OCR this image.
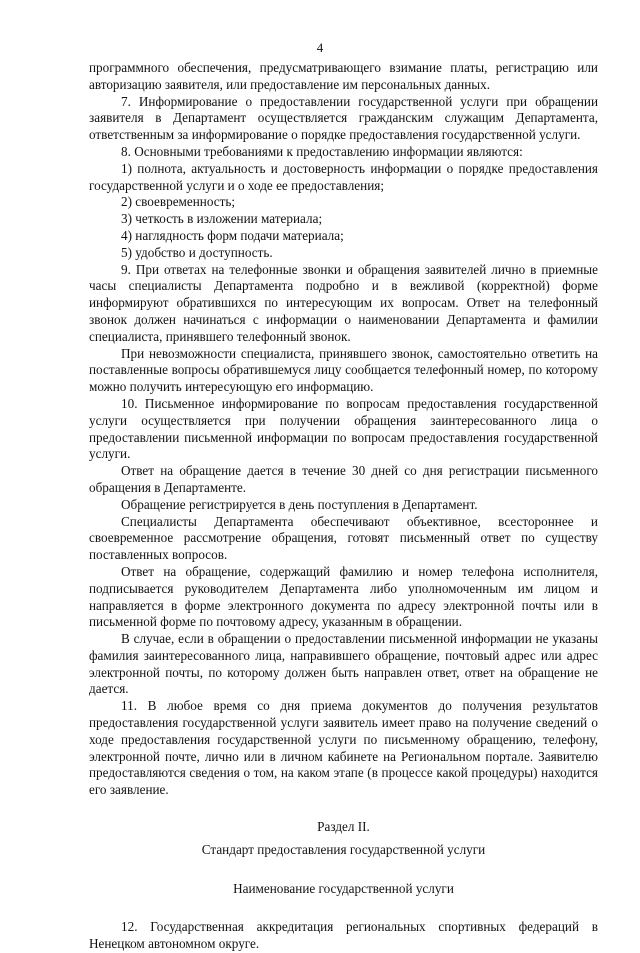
4

программного обеспечения, предусматривающего взимание платы, регистрацию или авторизацию заявителя, или предоставление им персональных данных.

7. Информирование о предоставлении государственной услуги при обращении заявителя в Департамент осуществляется гражданским служащим Департамента, ответственным за информирование о порядке предоставления государственной услуги.

8. Основными требованиями к предоставлению информации являются:

1) полнота, актуальность и достоверность информации о порядке предоставления государственной услуги и о ходе ее предоставления;

2) своевременность;

3) четкость в изложении материала;

4) наглядность форм подачи материала;

5) удобство и доступность.

9. При ответах на телефонные звонки и обращения заявителей лично в приемные часы специалисты Департамента подробно и в вежливой (корректной) форме информируют обратившихся по интересующим их вопросам. Ответ на телефонный звонок должен начинаться с информации о наименовании Департамента и фамилии специалиста, принявшего телефонный звонок.

При невозможности специалиста, принявшего звонок, самостоятельно ответить на поставленные вопросы обратившемуся лицу сообщается телефонный номер, по которому можно получить интересующую его информацию.

10. Письменное информирование по вопросам предоставления государственной услуги осуществляется при получении обращения заинтересованного лица о предоставлении письменной информации по вопросам предоставления государственной услуги.

Ответ на обращение дается в течение 30 дней со дня регистрации письменного обращения в Департаменте.

Обращение регистрируется в день поступления в Департамент.

Специалисты Департамента обеспечивают объективное, всестороннее и своевременное рассмотрение обращения, готовят письменный ответ по существу поставленных вопросов.

Ответ на обращение, содержащий фамилию и номер телефона исполнителя, подписывается руководителем Департамента либо уполномоченным им лицом и направляется в форме электронного документа по адресу электронной почты или в письменной форме по почтовому адресу, указанным в обращении.

В случае, если в обращении о предоставлении письменной информации не указаны фамилия заинтересованного лица, направившего обращение, почтовый адрес или адрес электронной почты, по которому должен быть направлен ответ, ответ на обращение не дается.

11. В любое время со дня приема документов до получения результатов предоставления государственной услуги заявитель имеет право на получение сведений о ходе предоставления государственной услуги по письменному обращению, телефону, электронной почте, лично или в личном кабинете на Региональном портале. Заявителю предоставляются сведения о том, на каком этапе (в процессе какой процедуры) находится его заявление.

Раздел II.

Стандарт предоставления государственной услуги

Наименование государственной услуги

12. Государственная аккредитация региональных спортивных федераций в Ненецком автономном округе.
